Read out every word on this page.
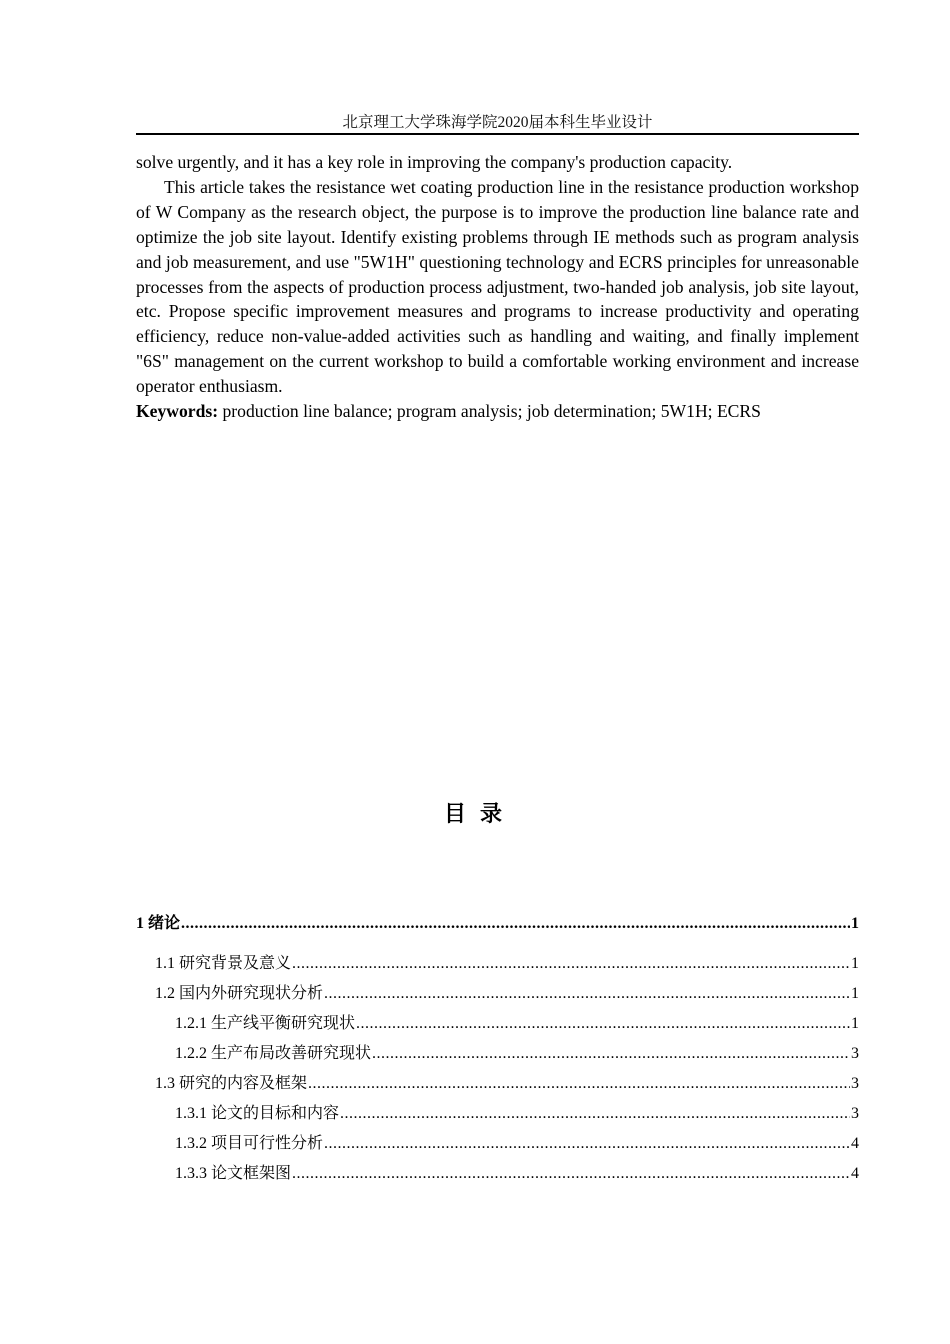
北京理工大学珠海学院2020届本科生毕业设计

solve urgently, and it has a key role in improving the company's production capacity.

This article takes the resistance wet coating production line in the resistance production workshop of W Company as the research object, the purpose is to improve the production line balance rate and optimize the job site layout. Identify existing problems through IE methods such as program analysis and job measurement, and use "5W1H" questioning technology and ECRS principles for unreasonable processes from the aspects of production process adjustment, two-handed job analysis, job site layout, etc. Propose specific improvement measures and programs to increase productivity and operating efficiency, reduce non-value-added activities such as handling and waiting, and finally implement "6S" management on the current workshop to build a comfortable working environment and increase operator enthusiasm.

Keywords: production line balance; program analysis; job determination; 5W1H; ECRS

目录
1 绪论 .....	1
1.1 研究背景及意义 .....	1
1.2 国内外研究现状分析 .....	1
1.2.1 生产线平衡研究现状 .....	1
1.2.2 生产布局改善研究现状 .....	3
1.3 研究的内容及框架 .....	3
1.3.1 论文的目标和内容 .....	3
1.3.2 项目可行性分析 .....	4
1.3.3 论文框架图 .....	4
